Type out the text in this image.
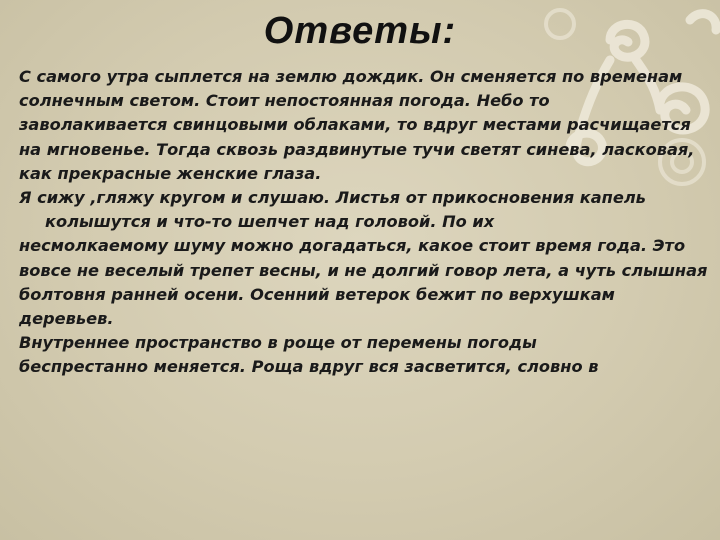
Ответы:

С самого утра сыплется на землю дождик. Он сменяется по временам

солнечным светом. Стоит непостоянная погода. Небо то

заволакивается свинцовыми облаками, то вдруг местами расчищается

на мгновенье. Тогда сквозь раздвинутые тучи светят синева, ласковая,

как прекрасные женские глаза.

Я сижу ,гляжу кругом и слушаю. Листья от прикосновения капель колышутся и что-то шепчет над головой. По их

несмолкаемому шуму можно догадаться, какое стоит время года. Это

вовсе не веселый трепет весны, и не долгий говор лета, а чуть слышная

болтовня ранней осени. Осенний ветерок бежит по верхушкам

деревьев.

Внутреннее пространство в роще от перемены погоды

беспрестанно меняется. Роща вдруг вся засветится, словно в
